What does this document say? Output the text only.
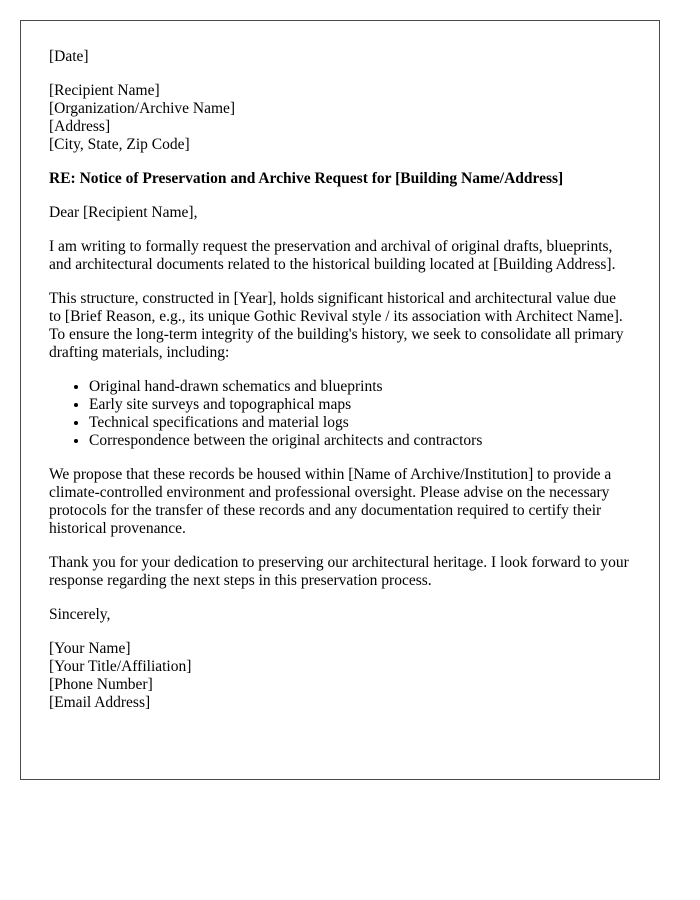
[Date]
[Recipient Name]
[Organization/Archive Name]
[Address]
[City, State, Zip Code]
RE: Notice of Preservation and Archive Request for [Building Name/Address]

Dear [Recipient Name],

I am writing to formally request the preservation and archival of original drafts, blueprints, and architectural documents related to the historical building located at [Building Address].

This structure, constructed in [Year], holds significant historical and architectural value due to [Brief Reason, e.g., its unique Gothic Revival style / its association with Architect Name]. To ensure the long-term integrity of the building's history, we seek to consolidate all primary drafting materials, including:

• Original hand-drawn schematics and blueprints
• Early site surveys and topographical maps
• Technical specifications and material logs
• Correspondence between the original architects and contractors

We propose that these records be housed within [Name of Archive/Institution] to provide a climate-controlled environment and professional oversight. Please advise on the necessary protocols for the transfer of these records and any documentation required to certify their historical provenance.

Thank you for your dedication to preserving our architectural heritage. I look forward to your response regarding the next steps in this preservation process.

Sincerely,

[Your Name]
[Your Title/Affiliation]
[Phone Number]
[Email Address]
